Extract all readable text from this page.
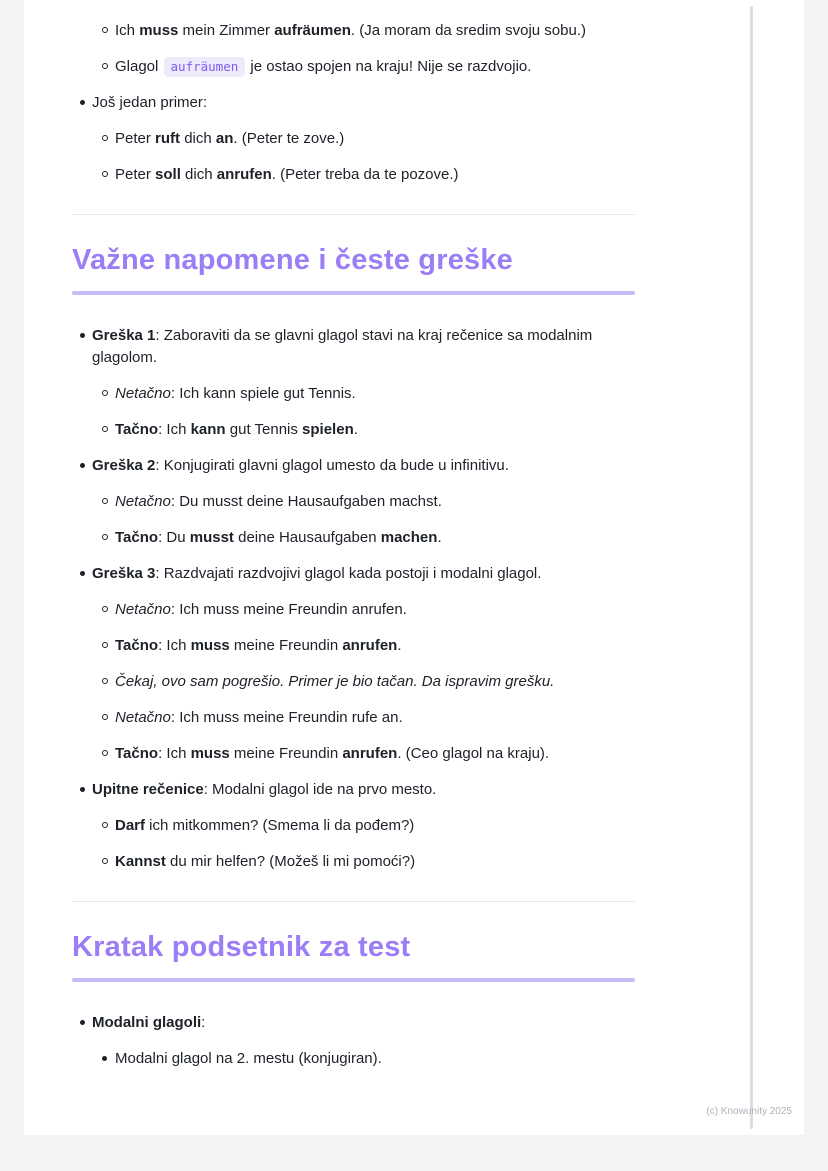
Ich muss mein Zimmer aufräumen. (Ja moram da sredim svoju sobu.)
Glagol aufräumen je ostao spojen na kraju! Nije se razdvojio.
Još jedan primer:
Peter ruft dich an. (Peter te zove.)
Peter soll dich anrufen. (Peter treba da te pozove.)
Važne napomene i česte greške
Greška 1: Zaboraviti da se glavni glagol stavi na kraj rečenice sa modalnim glagolom.
Netačno: Ich kann spiele gut Tennis.
Tačno: Ich kann gut Tennis spielen.
Greška 2: Konjugirati glavni glagol umesto da bude u infinitivu.
Netačno: Du musst deine Hausaufgaben machst.
Tačno: Du musst deine Hausaufgaben machen.
Greška 3: Razdvajati razdvojivi glagol kada postoji i modalni glagol.
Netačno: Ich muss meine Freundin anrufen.
Tačno: Ich muss meine Freundin anrufen.
Čekaj, ovo sam pogrešio. Primer je bio tačan. Da ispravim grešku.
Netačno: Ich muss meine Freundin rufe an.
Tačno: Ich muss meine Freundin anrufen. (Ceo glagol na kraju).
Upitne rečenice: Modalni glagol ide na prvo mesto.
Darf ich mitkommen? (Smema li da pođem?)
Kannst du mir helfen? (Možeš li mi pomoći?)
Kratak podsetnik za test
Modalni glagoli:
Modalni glagol na 2. mestu (konjugiran).
(c) Knowunity 2025
